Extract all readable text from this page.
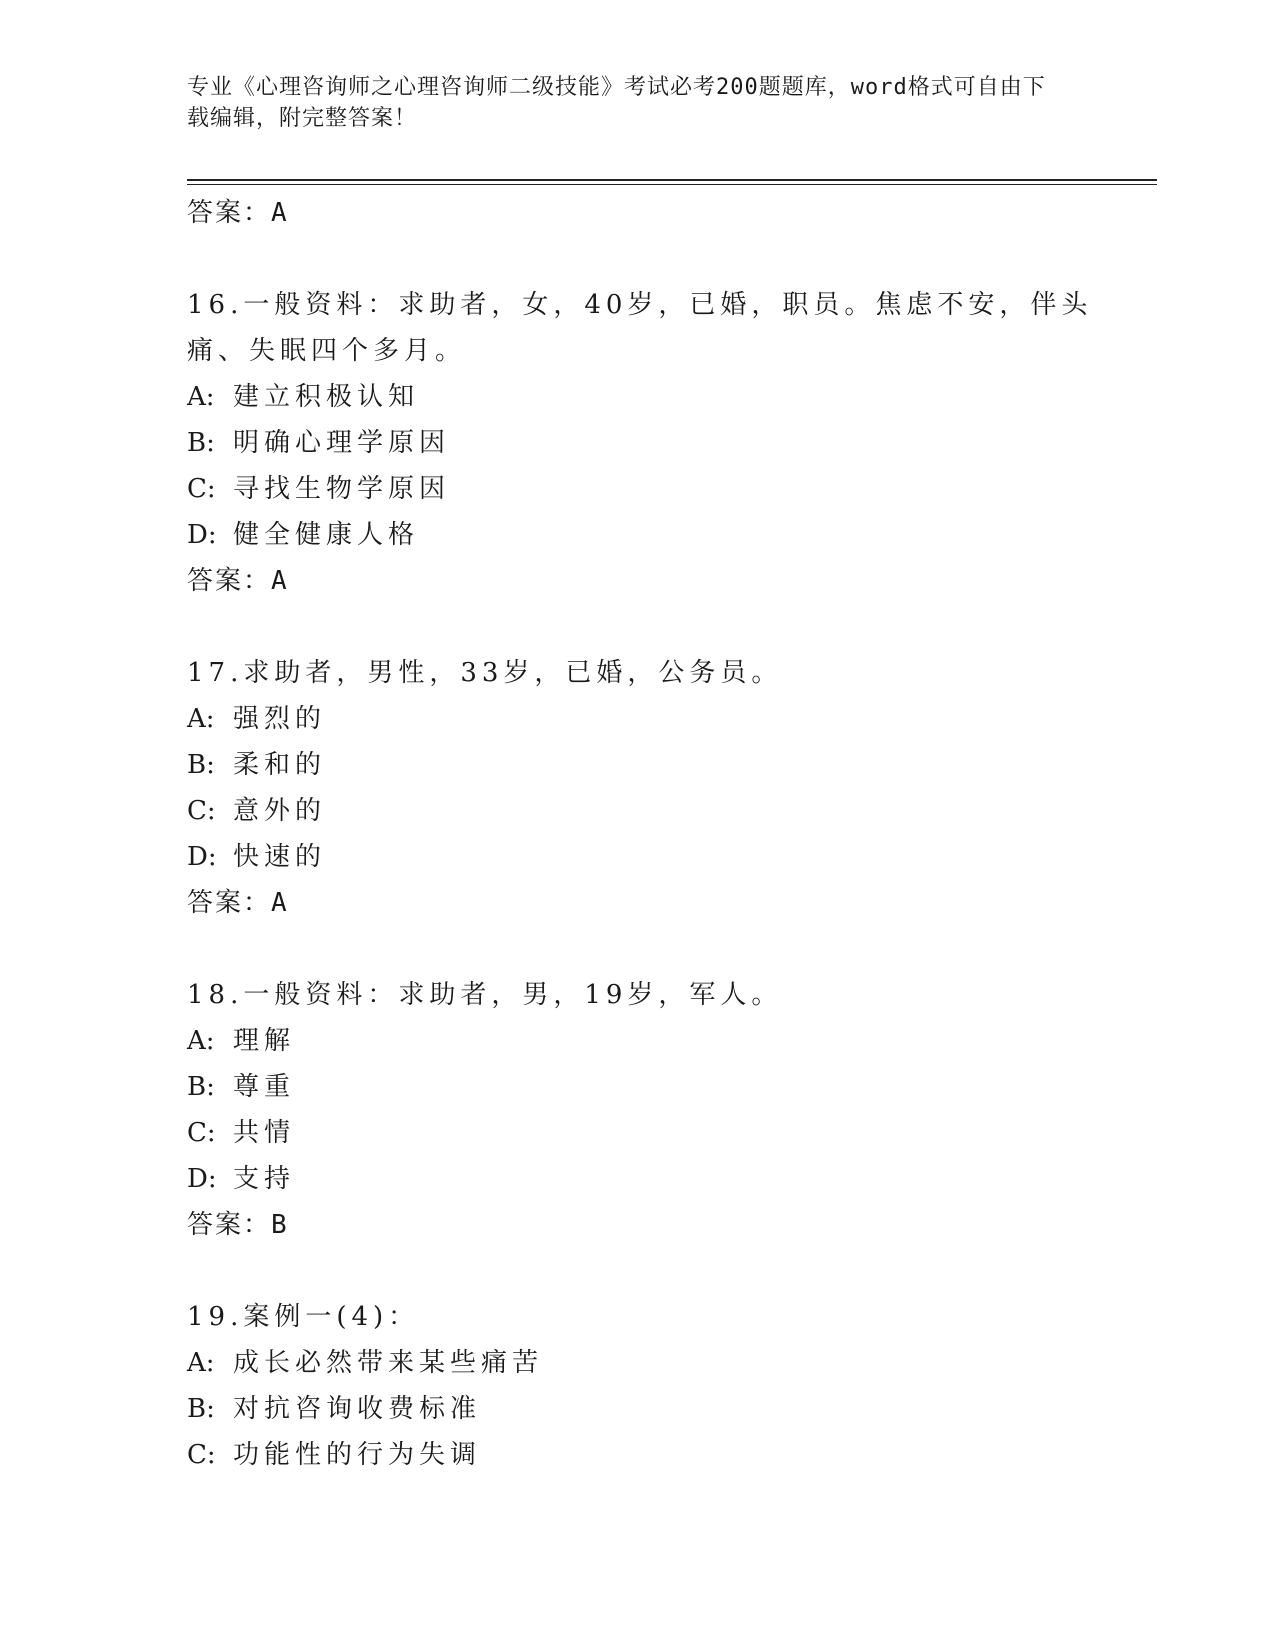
专业《心理咨询师之心理咨询师二级技能》考试必考200题题库，word格式可自由下载编辑，附完整答案！
答案：A
16.一般资料：求助者，女，40岁，已婚，职员。焦虑不安，伴头痛、失眠四个多月。
A: 建立积极认知
B: 明确心理学原因
C: 寻找生物学原因
D: 健全健康人格
答案：A
17.求助者，男性，33岁，已婚，公务员。
A: 强烈的
B: 柔和的
C: 意外的
D: 快速的
答案：A
18.一般资料：求助者，男，19岁，军人。
A: 理解
B: 尊重
C: 共情
D: 支持
答案：B
19.案例一(4)：
A: 成长必然带来某些痛苦
B: 对抗咨询收费标准
C: 功能性的行为失调
